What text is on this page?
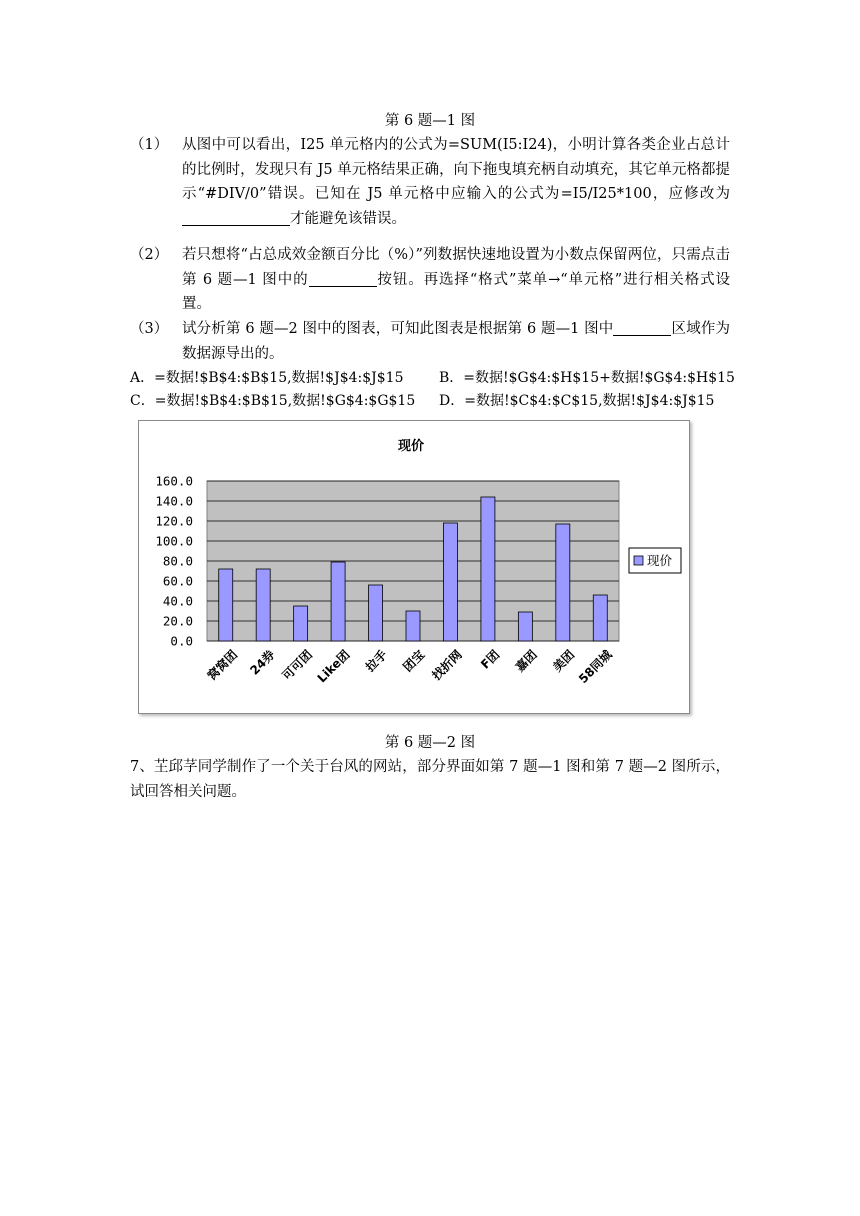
第 6 题—1 图
（1） 从图中可以看出，I25 单元格内的公式为=SUM(I5:I24)，小明计算各类企业占总计的比例时，发现只有 J5 单元格结果正确，向下拖曳填充柄自动填充，其它单元格都提示“#DIV/0”错误。已知在 J5 单元格中应输入的公式为=I5/I25*100，应修改为才能避免该错误。
（2） 若只想将“占总成效金额百分比（%）”列数据快速地设置为小数点保留两位，只需点击第 6 题—1 图中的	按钮。再选择“格式”菜单→“单元格”进行相关格式设置。
（3） 试分析第 6 题—2 图中的图表，可知此图表是根据第 6 题—1 图中	区域作为数据源导出的。
A．=数据!$B$4:$B$15,数据!$J$4:$J$15	B．=数据!$G$4:$H$15+数据!$G$4:$H$15
C．=数据!$B$4:$B$15,数据!$G$4:$G$15 D．=数据!$C$4:$C$15,数据!$J$4:$J$15
现价
0.0
20.0
40.0
60.0
80.0
100.0
120.0
140.0
160.0
窝窝团 24券 可可团 Like团 拉手 团宝 找折网 F团 嘉团 美团
58同城
现价
第 6 题—2 图
7、芏邱芓同学制作了一个关于台风的网站，部分界面如第 7 题—1 图和第 7 题—2 图所示，试回答相关问题。
